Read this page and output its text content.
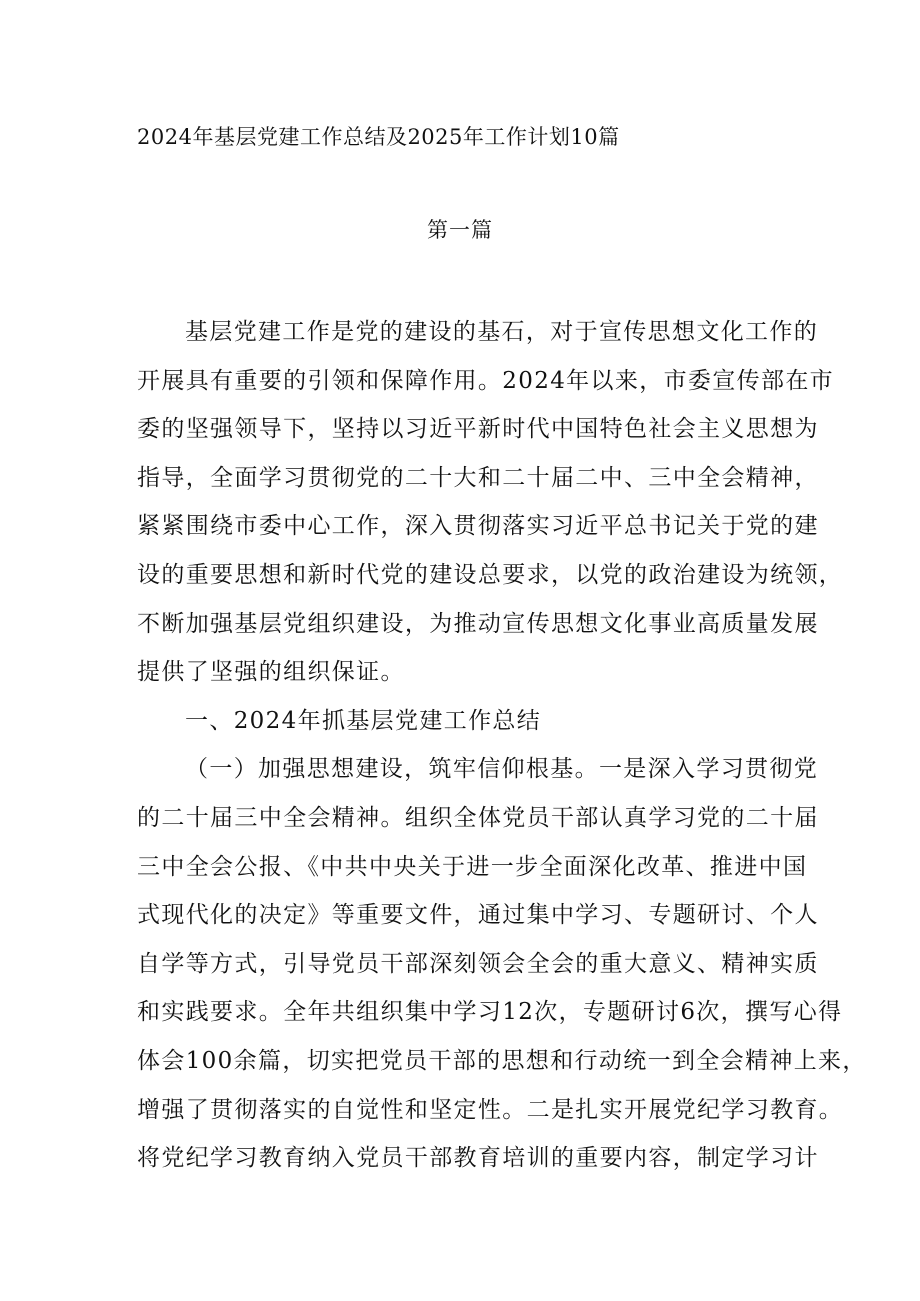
2024年基层党建工作总结及2025年工作计划10篇
第一篇
基层党建工作是党的建设的基石，对于宣传思想文化工作的
开展具有重要的引领和保障作用。2024年以来，市委宣传部在市
委的坚强领导下，坚持以习近平新时代中国特色社会主义思想为
指导，全面学习贯彻党的二十大和二十届二中、三中全会精神，
紧紧围绕市委中心工作，深入贯彻落实习近平总书记关于党的建
设的重要思想和新时代党的建设总要求，以党的政治建设为统领，
不断加强基层党组织建设，为推动宣传思想文化事业高质量发展
提供了坚强的组织保证。
一、2024年抓基层党建工作总结
（一）加强思想建设，筑牢信仰根基。一是深入学习贯彻党
的二十届三中全会精神。组织全体党员干部认真学习党的二十届
三中全会公报、《中共中央关于进一步全面深化改革、推进中国
式现代化的决定》等重要文件，通过集中学习、专题研讨、个人
自学等方式，引导党员干部深刻领会全会的重大意义、精神实质
和实践要求。全年共组织集中学习12次，专题研讨6次，撰写心得
体会100余篇，切实把党员干部的思想和行动统一到全会精神上来，
增强了贯彻落实的自觉性和坚定性。二是扎实开展党纪学习教育。
将党纪学习教育纳入党员干部教育培训的重要内容，制定学习计
